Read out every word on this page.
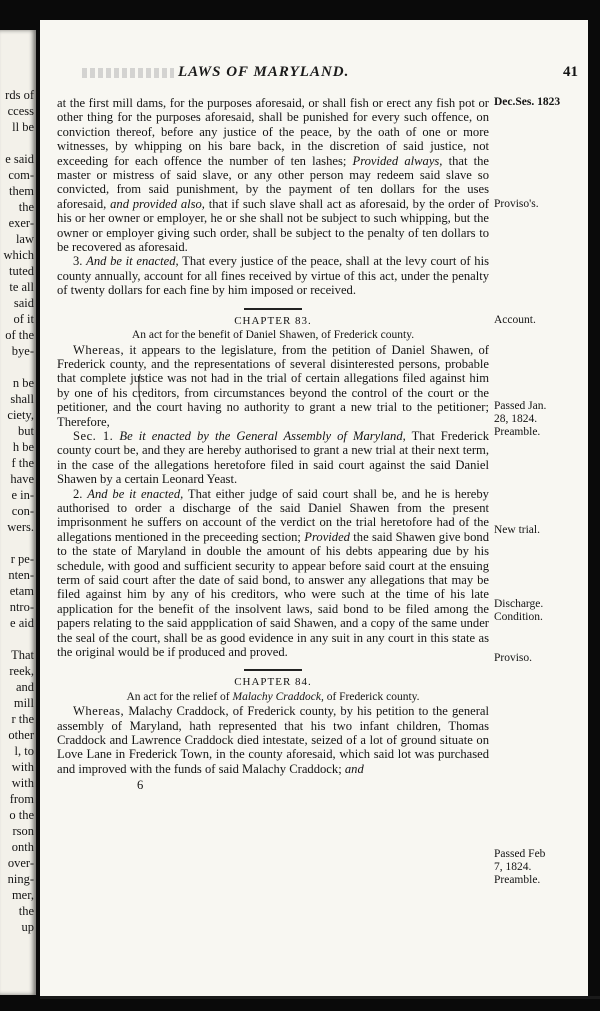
rds of
ccess
ll be
e said
com-
them
the
exer-
law
which
tuted
te all
said
of it
of the
bye-
n be
shall
ciety,
but
h be
f the
have
e in-
con-
wers.
r pe-
nten-
etam
ntro-
e aid
That
reek,
and
mill
r the
other
l, to
with
with
from
o the
rson
onth
over-
ning-
mer,
the
up
LAWS OF MARYLAND.	41

at the first mill dams, for the purposes aforesaid, or shall fish or erect any fish pot or other thing for the purposes aforesaid, shall be punished for every such offence, on conviction thereof, before any justice of the peace, by the oath of one or more witnesses, by whipping on his bare back, in the discretion of said justice, not exceeding for each offence the number of ten lashes; Provided always, that the master or mistress of said slave, or any other person may redeem said slave so convicted, from said punishment, by the payment of ten dollars for the uses aforesaid, and provided also, that if such slave shall act as aforesaid, by the order of his or her owner or employer, he or she shall not be subject to such whipping, but the owner or employer giving such order, shall be subject to the penalty of ten dollars to be recovered as aforesaid.

3. And be it enacted, That every justice of the peace, shall at the levy court of his county annually, account for all fines received by virtue of this act, under the penalty of twenty dollars for each fine by him imposed or received.

CHAPTER 83.

An act for the benefit of Daniel Shawen, of Frederick county.

Whereas, it appears to the legislature, from the petition of Daniel Shawen, of Frederick county, and the representations of several disinterested persons, probable that complete justice was not had in the trial of certain allegations filed against him by one of his creditors, from circumstances beyond the control of the court or the petitioner, and the court having no authority to grant a new trial to the petitioner; Therefore,

Sec. 1. Be it enacted by the General Assembly of Maryland, That Frederick county court be, and they are hereby authorised to grant a new trial at their next term, in the case of the allegations heretofore filed in said court against the said Daniel Shawen by a certain Leonard Yeast.

2. And be it enacted, That either judge of said court shall be, and he is hereby authorised to order a discharge of the said Daniel Shawen from the present imprisonment he suffers on account of the verdict on the trial heretofore had of the allegations mentioned in the preceeding section; Provided the said Shawen give bond to the state of Maryland in double the amount of his debts appearing due by his schedule, with good and sufficient security to appear before said court at the ensuing term of said court after the date of said bond, to answer any allegations that may be filed against him by any of his creditors, who were such at the time of his late application for the benefit of the insolvent laws, said bond to be filed among the papers relating to the said appplication of said Shawen, and a copy of the same under the seal of the court, shall be as good evidence in any suit in any court in this state as the original would be if produced and proved.

CHAPTER 84.

An act for the relief of Malachy Craddock, of Frederick county.

Whereas, Malachy Craddock, of Frederick county, by his petition to the general assembly of Maryland, hath represented that his two infant children, Thomas Craddock and Lawrence Craddock died intestate, seized of a lot of ground situate on Love Lane in Frederick Town, in the county aforesaid, which said lot was purchased and improved with the funds of said Malachy Craddock; and

6

Dec.Ses. 1823
Proviso's.
Account.
Passed Jan.
28, 1824.
Preamble.
New trial.
Discharge.
Condition.
Proviso.
Passed Feb
7, 1824.
Preamble.
